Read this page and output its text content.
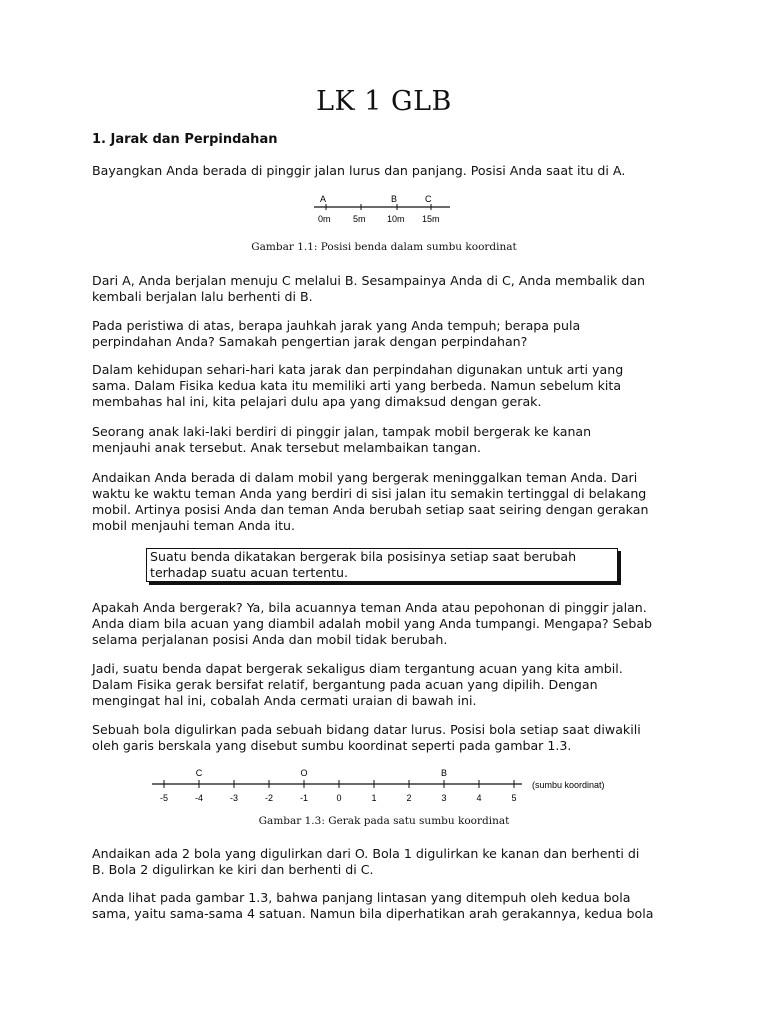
LK 1 GLB
1. Jarak dan Perpindahan
Bayangkan Anda berada di pinggir jalan lurus dan panjang. Posisi Anda saat itu di A.
A	B	C
0m 5m 10m 15m
Gambar 1.1: Posisi benda dalam sumbu koordinat
Dari A, Anda berjalan menuju C melalui B. Sesampainya Anda di C, Anda membalik dan
kembali berjalan lalu berhenti di B.
Pada peristiwa di atas, berapa jauhkah jarak yang Anda tempuh; berapa pula
perpindahan Anda? Samakah pengertian jarak dengan perpindahan?
Dalam kehidupan sehari-hari kata jarak dan perpindahan digunakan untuk arti yang
sama. Dalam Fisika kedua kata itu memiliki arti yang berbeda. Namun sebelum kita
membahas hal ini, kita pelajari dulu apa yang dimaksud dengan gerak.
Seorang anak laki-laki berdiri di pinggir jalan, tampak mobil bergerak ke kanan
menjauhi anak tersebut. Anak tersebut melambaikan tangan.
Andaikan Anda berada di dalam mobil yang bergerak meninggalkan teman Anda. Dari
waktu ke waktu teman Anda yang berdiri di sisi jalan itu semakin tertinggal di belakang
mobil. Artinya posisi Anda dan teman Anda berubah setiap saat seiring dengan gerakan
mobil menjauhi teman Anda itu.
Suatu benda dikatakan bergerak bila posisinya setiap saat berubah
terhadap suatu acuan tertentu.
Apakah Anda bergerak? Ya, bila acuannya teman Anda atau pepohonan di pinggir jalan.
Anda diam bila acuan yang diambil adalah mobil yang Anda tumpangi. Mengapa? Sebab
selama perjalanan posisi Anda dan mobil tidak berubah.
Jadi, suatu benda dapat bergerak sekaligus diam tergantung acuan yang kita ambil.
Dalam Fisika gerak bersifat relatif, bergantung pada acuan yang dipilih. Dengan
mengingat hal ini, cobalah Anda cermati uraian di bawah ini.
Sebuah bola digulirkan pada sebuah bidang datar lurus. Posisi bola setiap saat diwakili
oleh garis berskala yang disebut sumbu koordinat seperti pada gambar 1.3.
-5	-4	-3	-2	-1	0	1	2	3	4	5
C	O	B
(sumbu koordinat)
Gambar 1.3: Gerak pada satu sumbu koordinat
Andaikan ada 2 bola yang digulirkan dari O. Bola 1 digulirkan ke kanan dan berhenti di
B. Bola 2 digulirkan ke kiri dan berhenti di C.
Anda lihat pada gambar 1.3, bahwa panjang lintasan yang ditempuh oleh kedua bola
sama, yaitu sama-sama 4 satuan. Namun bila diperhatikan arah gerakannya, kedua bola
